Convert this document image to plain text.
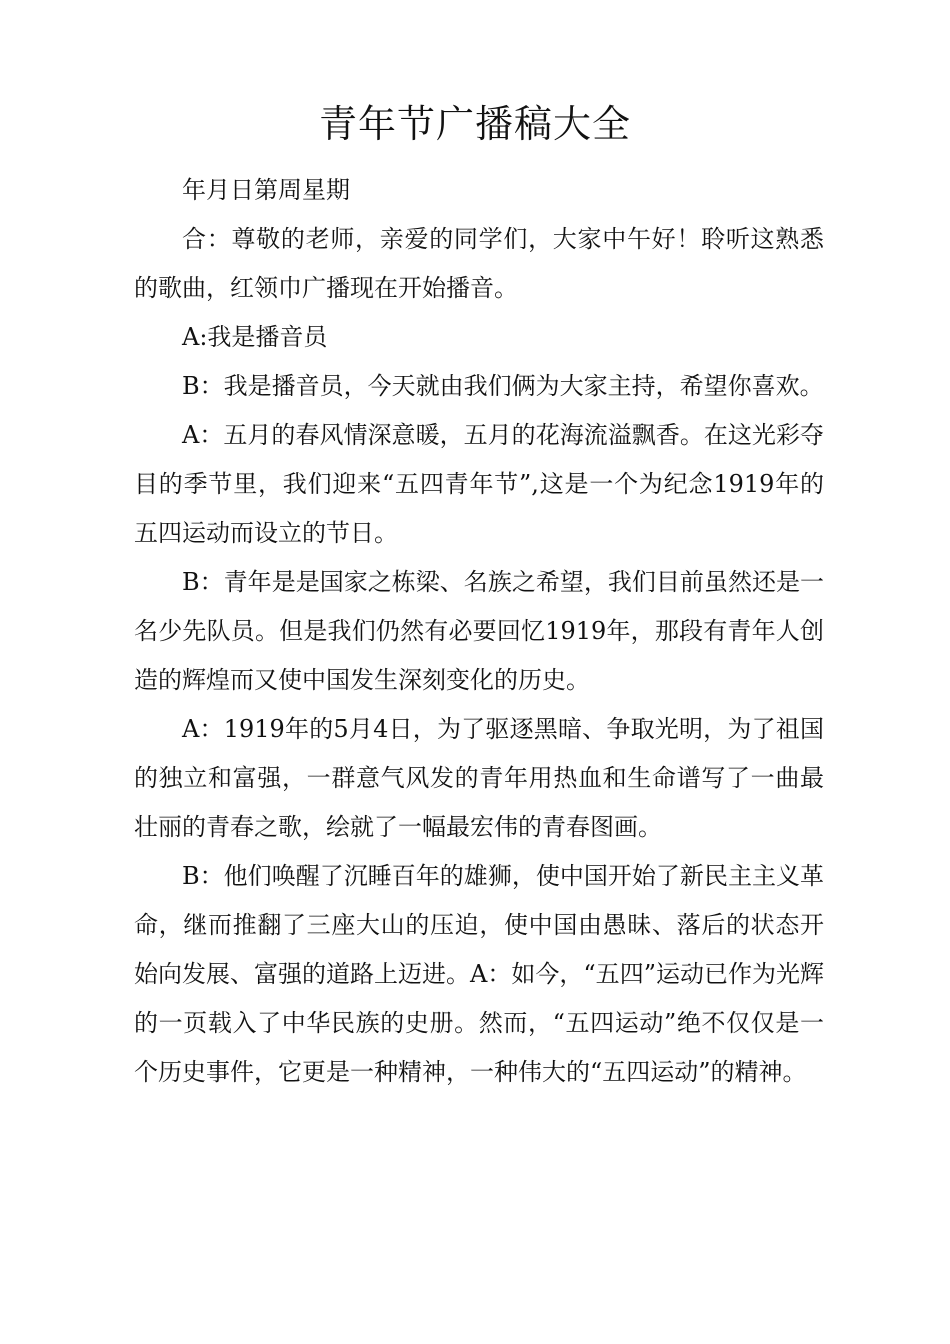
青年节广播稿大全

年月日第周星期

合：尊敬的老师，亲爱的同学们，大家中午好！聆听这熟悉的歌曲，红领巾广播现在开始播音。

A:我是播音员

B：我是播音员，今天就由我们俩为大家主持，希望你喜欢。

A：五月的春风情深意暖，五月的花海流溢飘香。在这光彩夺目的季节里，我们迎来“五四青年节”,这是一个为纪念1919年的五四运动而设立的节日。

B：青年是是国家之栋梁、名族之希望，我们目前虽然还是一名少先队员。但是我们仍然有必要回忆1919年，那段有青年人创造的辉煌而又使中国发生深刻变化的历史。

A：1919年的5月4日，为了驱逐黑暗、争取光明，为了祖国的独立和富强，一群意气风发的青年用热血和生命谱写了一曲最壮丽的青春之歌，绘就了一幅最宏伟的青春图画。

B：他们唤醒了沉睡百年的雄狮，使中国开始了新民主主义革命，继而推翻了三座大山的压迫，使中国由愚昧、落后的状态开始向发展、富强的道路上迈进。A：如今，“五四”运动已作为光辉的一页载入了中华民族的史册。然而，“五四运动”绝不仅仅是一个历史事件，它更是一种精神，一种伟大的“五四运动”的精神。
